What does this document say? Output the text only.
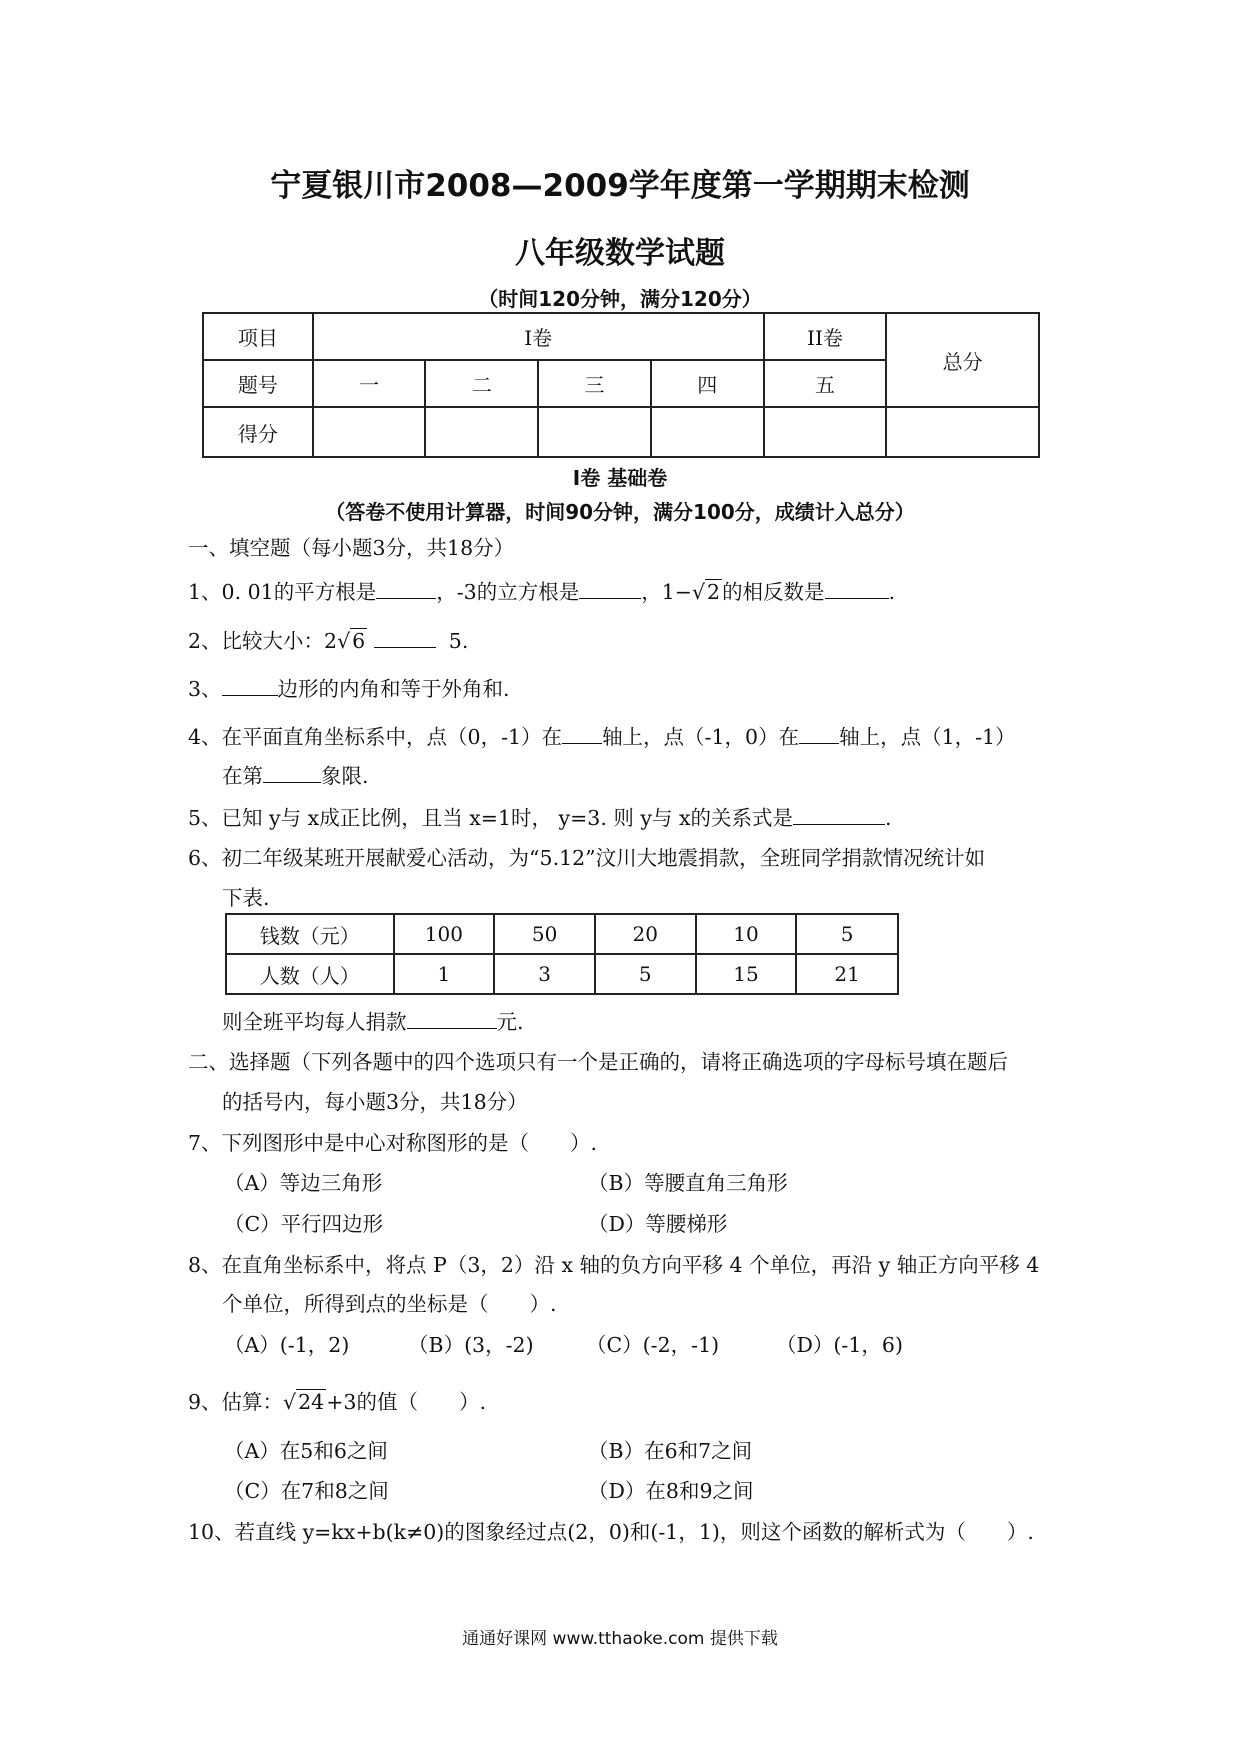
宁夏银川市2008—2009学年度第一学期期末检测
八年级数学试题
（时间120分钟，满分120分）
项目	I卷				II卷	总分
题号	一	二	三	四	五	
得分						
I卷 基础卷
（答卷不使用计算器，时间90分钟，满分100分，成绩计入总分）
一、填空题（每小题3分，共18分）
1、0. 01的平方根是	，-3的立方根是	，1−√2的相反数是	.
2、比较大小：2√6	5.
3、	边形的内角和等于外角和.
4、在平面直角坐标系中，点（0，-1）在 轴上，点（-1，0）在 轴上，点（1，-1）
在第	象限.
5、已知 y与 x成正比例，且当 x=1时， y=3. 则 y与 x的关系式是	.
6、初二年级某班开展献爱心活动，为“5.12”汶川大地震捐款，全班同学捐款情况统计如
下表.
钱数（元）	100	50	20	10	5
人数（人）	1	3	5	15	21
则全班平均每人捐款	元.
二、选择题（下列各题中的四个选项只有一个是正确的，请将正确选项的字母标号填在题后
的括号内，每小题3分，共18分）
7、下列图形中是中心对称图形的是（　　）.
（A）等边三角形	（B）等腰直角三角形
（C）平行四边形	（D）等腰梯形
8、在直角坐标系中，将点 P（3，2）沿 x 轴的负方向平移 4 个单位，再沿 y 轴正方向平移 4
个单位，所得到点的坐标是（　　）.
（A）(-1，2)	（B）(3，-2)	（C）(-2，-1)	（D）(-1，6)
9、估算：√24+3的值（　　）.
（A）在5和6之间	（B）在6和7之间
（C）在7和8之间	（D）在8和9之间
10、若直线 y=kx+b(k≠0)的图象经过点(2，0)和(-1，1)，则这个函数的解析式为（　　）.
通通好课网 www.tthaoke.com 提供下载
